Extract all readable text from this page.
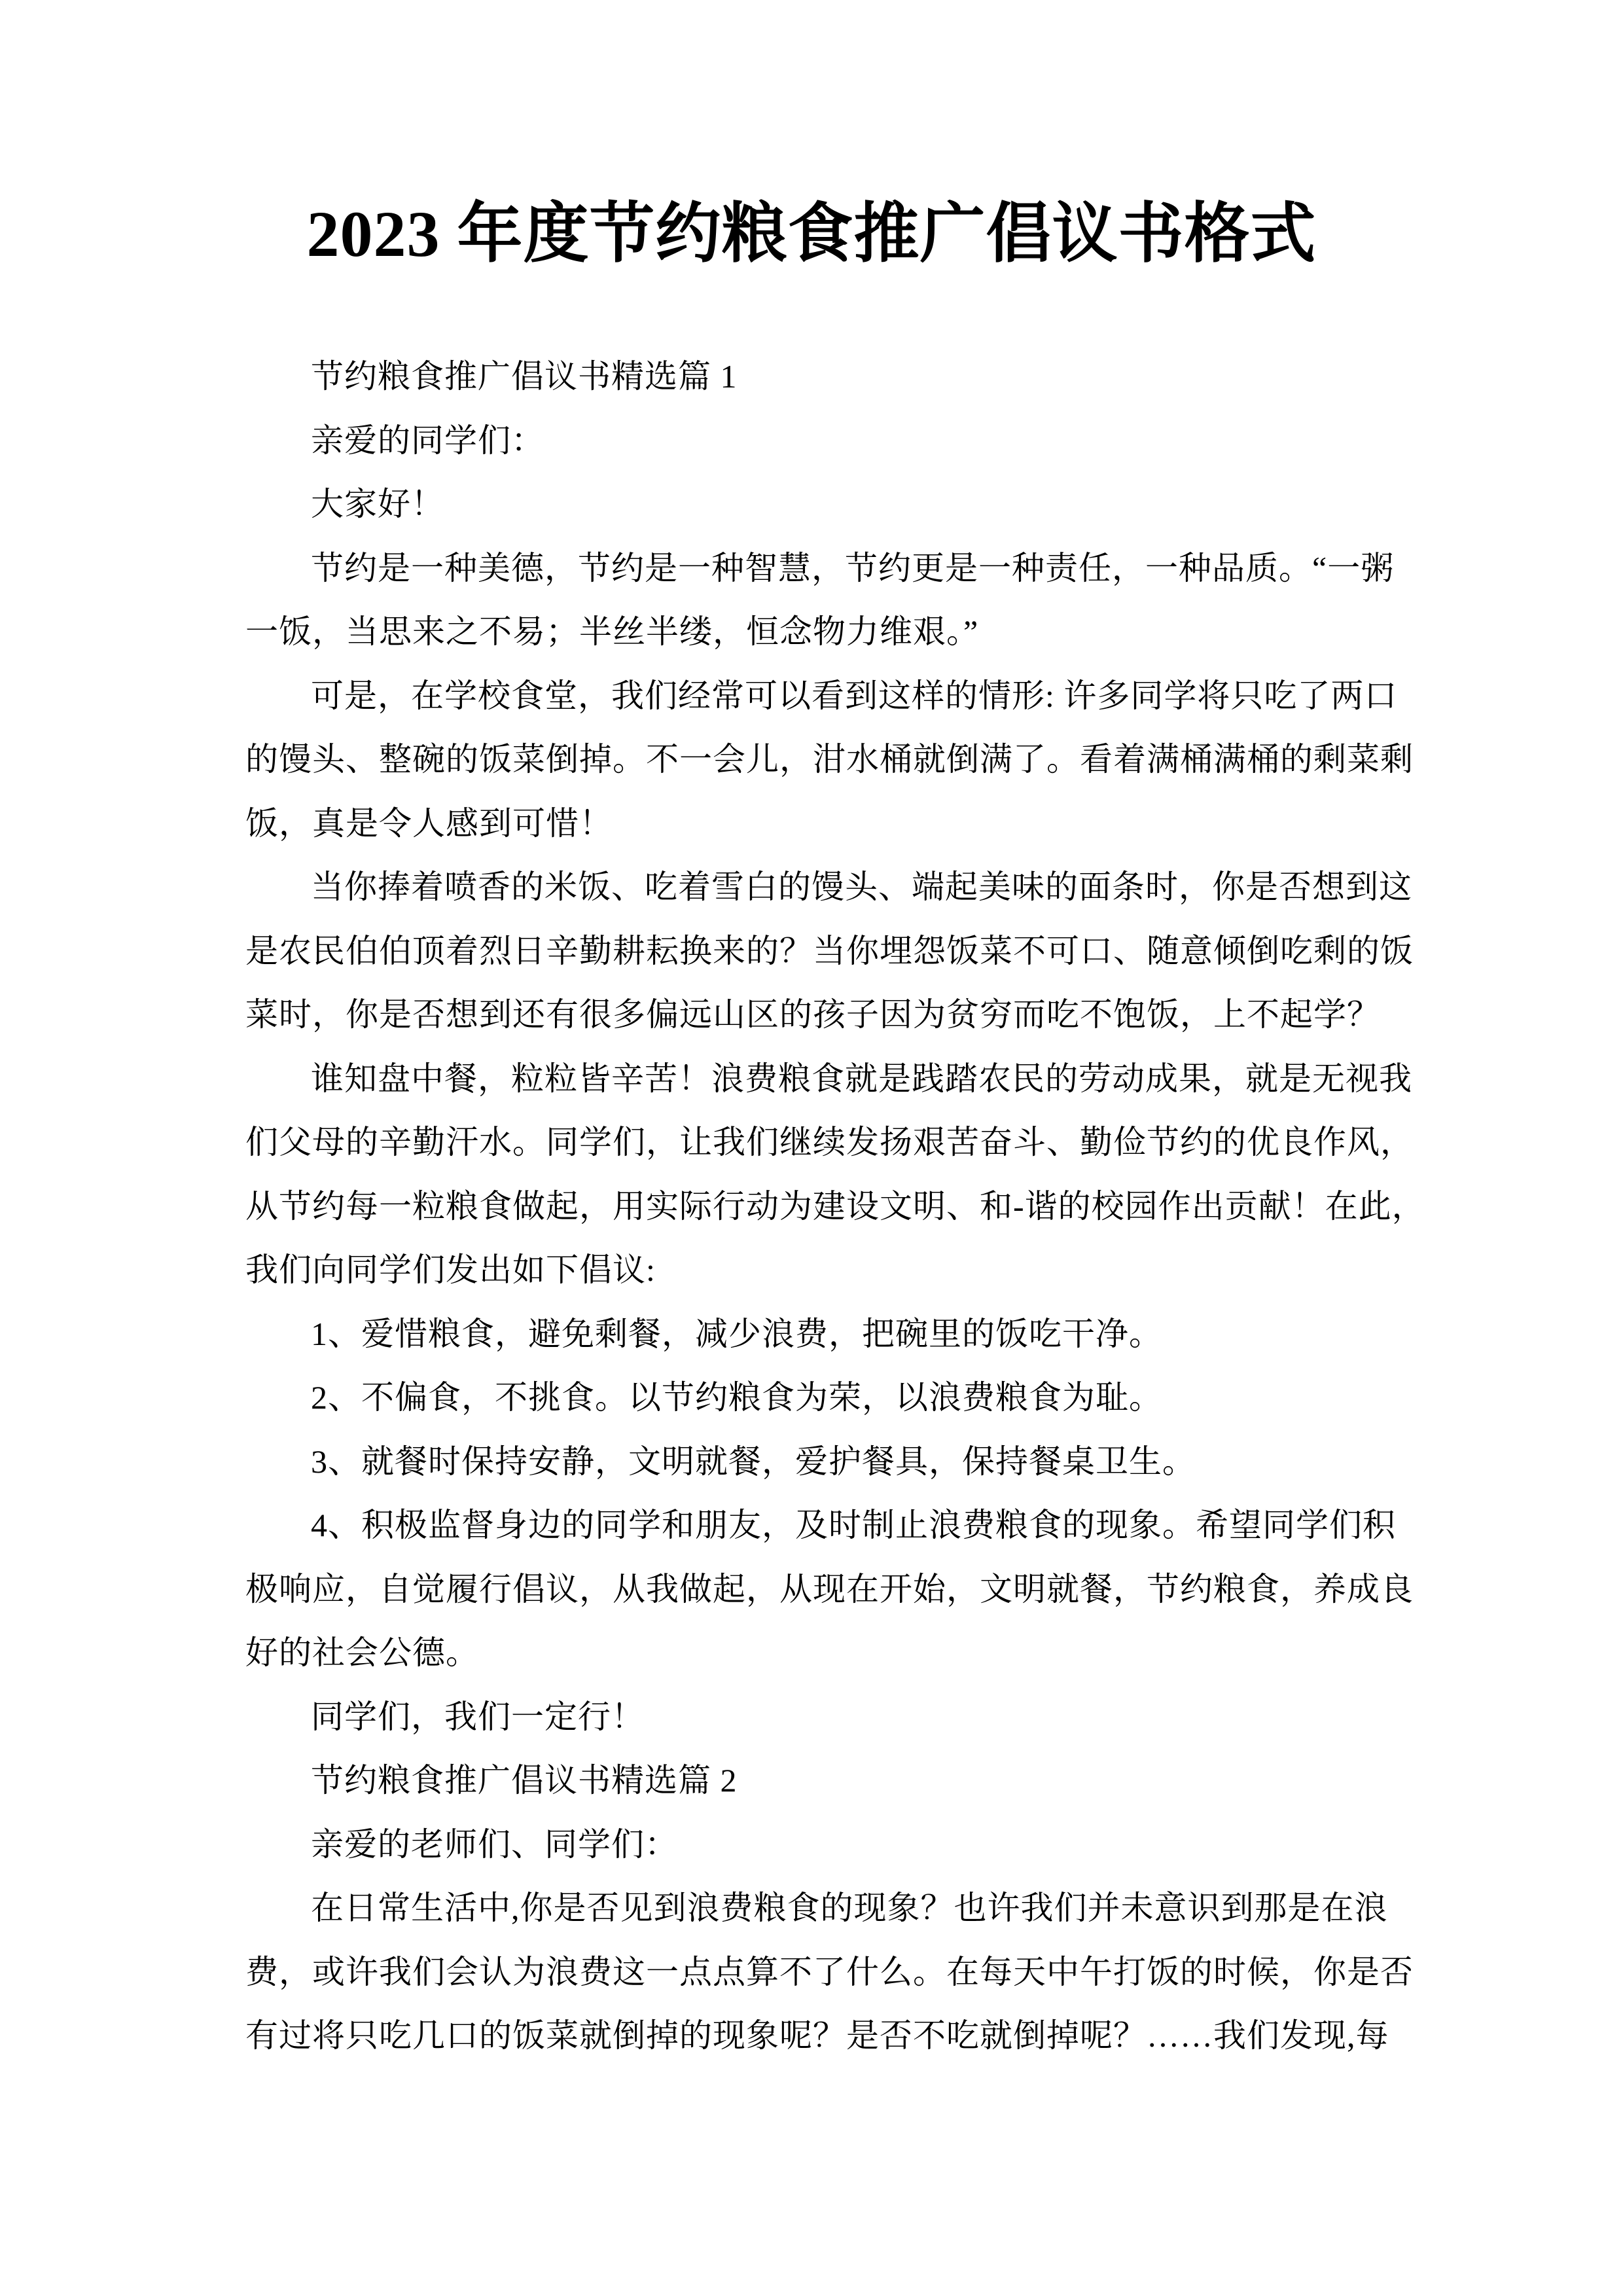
2023 年度节约粮食推广倡议书格式
节约粮食推广倡议书精选篇 1
亲爱的同学们：
大家好！
节约是一种美德，节约是一种智慧，节约更是一种责任，一种品质。“一粥
一饭，当思来之不易；半丝半缕，恒念物力维艰。”
可是，在学校食堂，我们经常可以看到这样的情形: 许多同学将只吃了两口
的馒头、整碗的饭菜倒掉。不一会儿，泔水桶就倒满了。看着满桶满桶的剩菜剩
饭，真是令人感到可惜！
当你捧着喷香的米饭、吃着雪白的馒头、端起美味的面条时，你是否想到这
是农民伯伯顶着烈日辛勤耕耘换来的？当你埋怨饭菜不可口、随意倾倒吃剩的饭
菜时，你是否想到还有很多偏远山区的孩子因为贫穷而吃不饱饭，上不起学？
谁知盘中餐，粒粒皆辛苦！浪费粮食就是践踏农民的劳动成果，就是无视我
们父母的辛勤汗水。同学们，让我们继续发扬艰苦奋斗、勤俭节约的优良作风，
从节约每一粒粮食做起，用实际行动为建设文明、和-谐的校园作出贡献！在此，
我们向同学们发出如下倡议:
1、爱惜粮食，避免剩餐，减少浪费，把碗里的饭吃干净。
2、不偏食，不挑食。以节约粮食为荣，以浪费粮食为耻。
3、就餐时保持安静，文明就餐，爱护餐具，保持餐桌卫生。
4、积极监督身边的同学和朋友，及时制止浪费粮食的现象。希望同学们积
极响应，自觉履行倡议，从我做起，从现在开始，文明就餐，节约粮食，养成良
好的社会公德。
同学们，我们一定行！
节约粮食推广倡议书精选篇 2
亲爱的老师们、同学们：
在日常生活中,你是否见到浪费粮食的现象？也许我们并未意识到那是在浪
费，或许我们会认为浪费这一点点算不了什么。在每天中午打饭的时候，你是否
有过将只吃几口的饭菜就倒掉的现象呢？是否不吃就倒掉呢？……我们发现,每
